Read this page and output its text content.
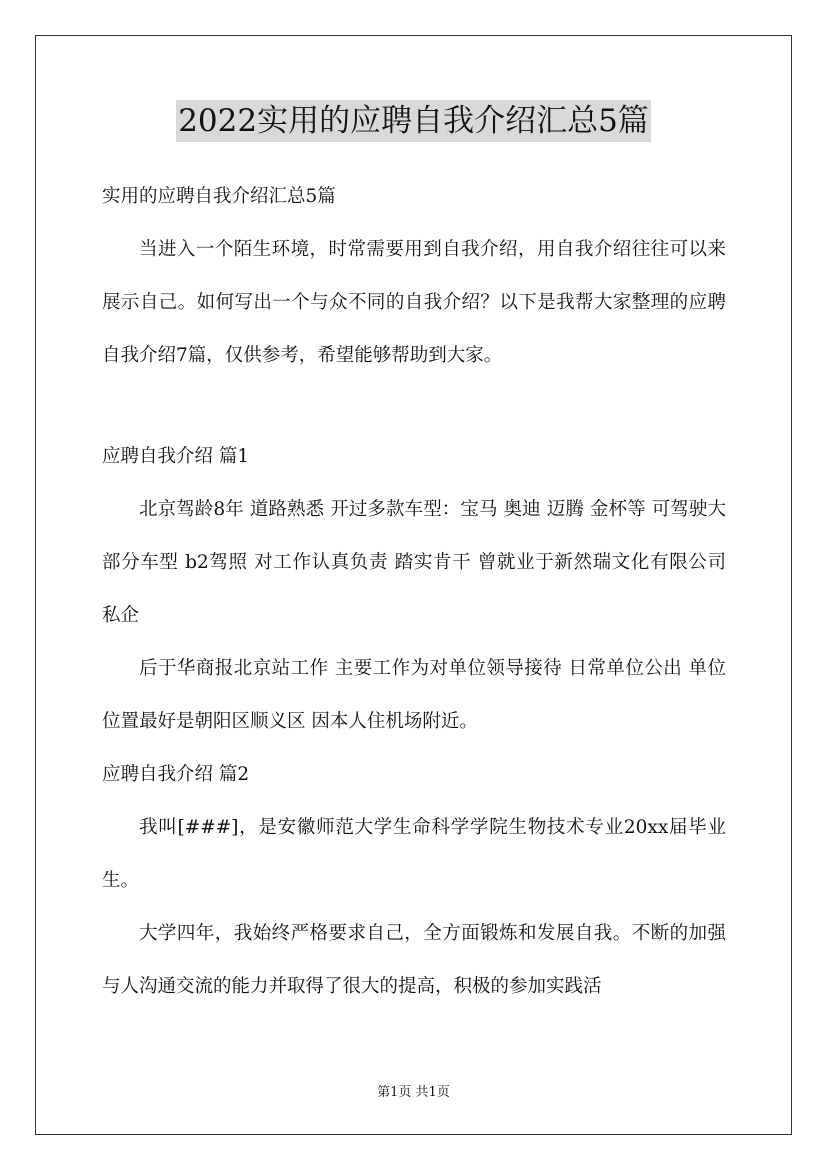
2022实用的应聘自我介绍汇总5篇
实用的应聘自我介绍汇总5篇

当进入一个陌生环境，时常需要用到自我介绍，用自我介绍往往可以来展示自己。如何写出一个与众不同的自我介绍？以下是我帮大家整理的应聘自我介绍7篇，仅供参考，希望能够帮助到大家。

应聘自我介绍 篇1

北京驾龄8年 道路熟悉 开过多款车型：宝马 奥迪 迈腾 金杯等 可驾驶大部分车型 b2驾照 对工作认真负责 踏实肯干 曾就业于新然瑞文化有限公司 私企

后于华商报北京站工作 主要工作为对单位领导接待 日常单位公出 单位位置最好是朝阳区顺义区 因本人住机场附近。

应聘自我介绍 篇2

我叫[###]，是安徽师范大学生命科学学院生物技术专业20xx届毕业生。

大学四年，我始终严格要求自己，全方面锻炼和发展自我。不断的加强与人沟通交流的能力并取得了很大的提高，积极的参加实践活

第1页 共1页
